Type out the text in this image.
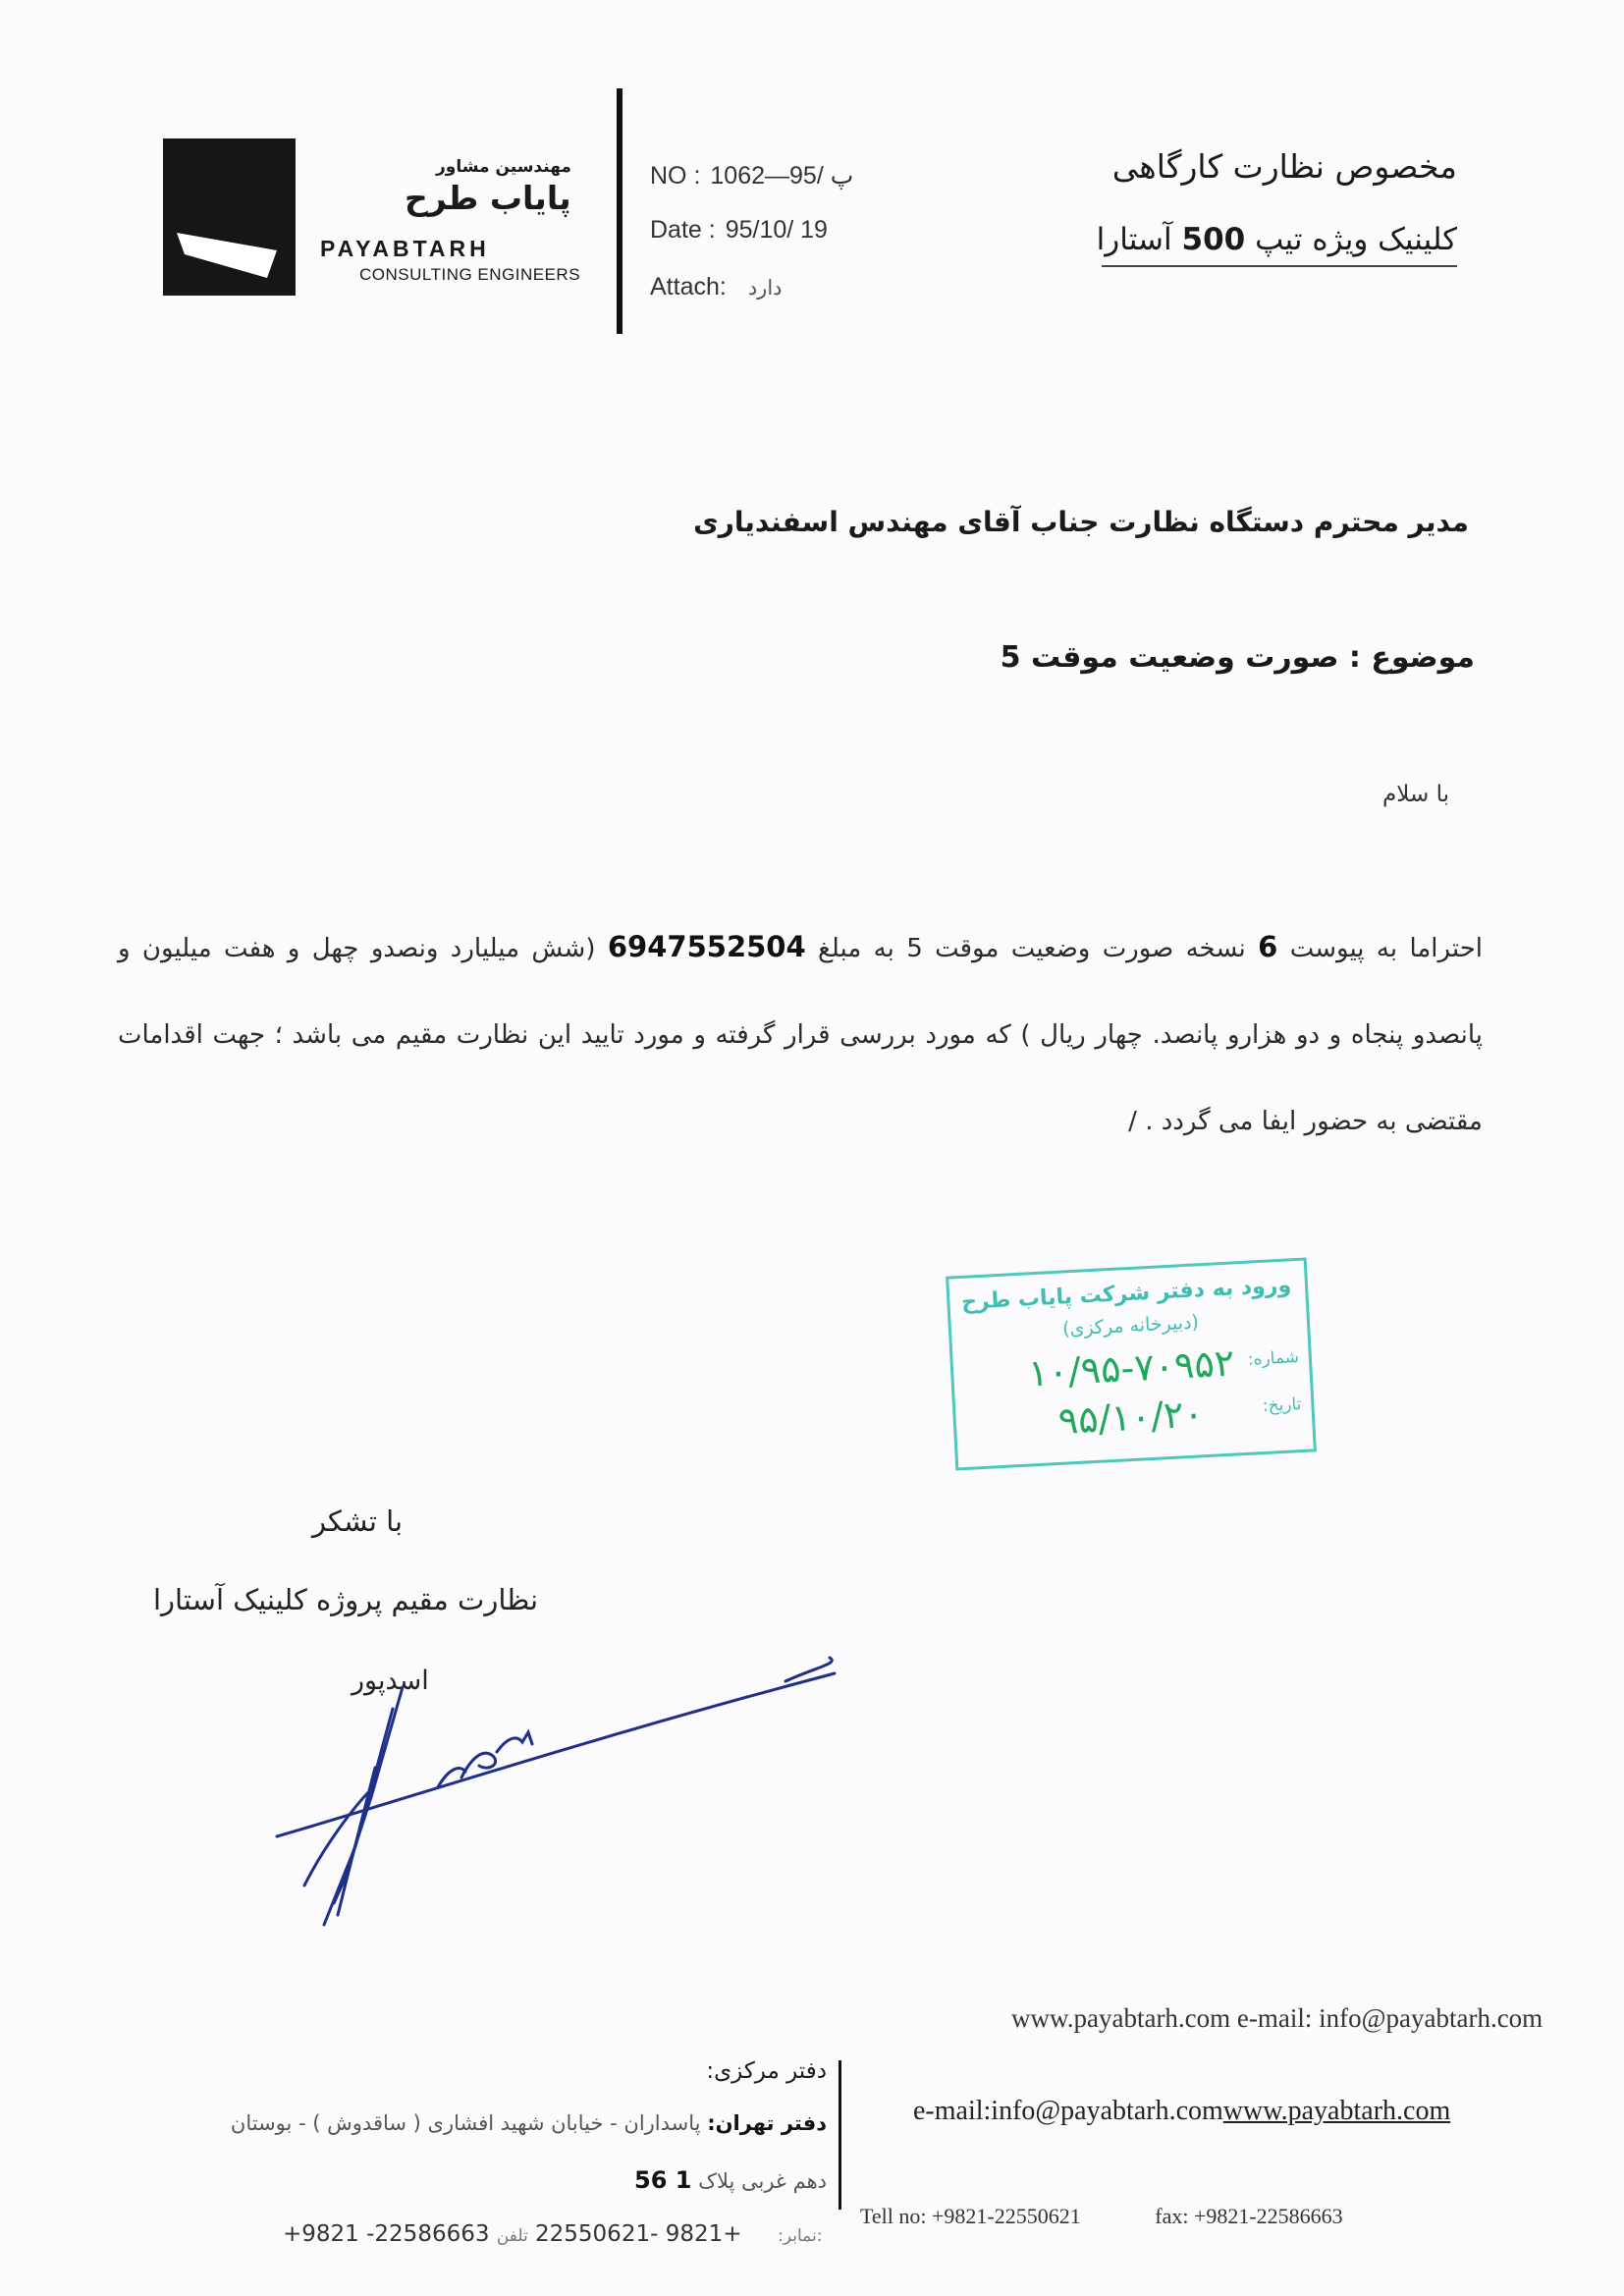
مهندسین مشاور
پایاب طرح
PAYABTARH
CONSULTING ENGINEERS
NO : پ /95—1062
Date : 95/10/ 19
Attach: دارد
مخصوص نظارت کارگاهی
کلینیک ویژه تیپ 500 آستارا
مدیر محترم دستگاه نظارت جناب آقای مهندس اسفندیاری
موضوع : صورت وضعیت موقت 5
با سلام
احتراما به پیوست 6 نسخه صورت وضعیت موقت 5 به مبلغ 6947552504 (شش میلیارد ونصدو چهل و هفت میلیون و پانصدو پنجاه و دو هزارو پانصد. چهار ریال ) که مورد بررسی قرار گرفته و مورد تایید این نظارت مقیم می باشد ؛ جهت اقدامات مقتضی به حضور ایفا می گردد . /
ورود به دفتر شرکت پایاب طرح
(دبیرخانه مرکزی)
شماره:
۱۰/۹۵-۷۰۹۵۲
تاریخ:
۹۵/۱۰/۲۰
با تشکر
نظارت مقیم پروژه کلینیک آستارا
اسدپور
www.payabtarh.com e-mail: info@payabtarh.com
دفتر مرکزی:
دفتر تهران: پاسداران - خیابان شهید افشاری ( ساقدوش ) - بوستان
دهم غربی پلاک 1 56
e-mail:info@payabtarh.comwww.payabtarh.com
+9821 -22586663	نمابر:     +9821 -22550621 تلفن:
Tell no: +9821-22550621	fax: +9821-22586663
